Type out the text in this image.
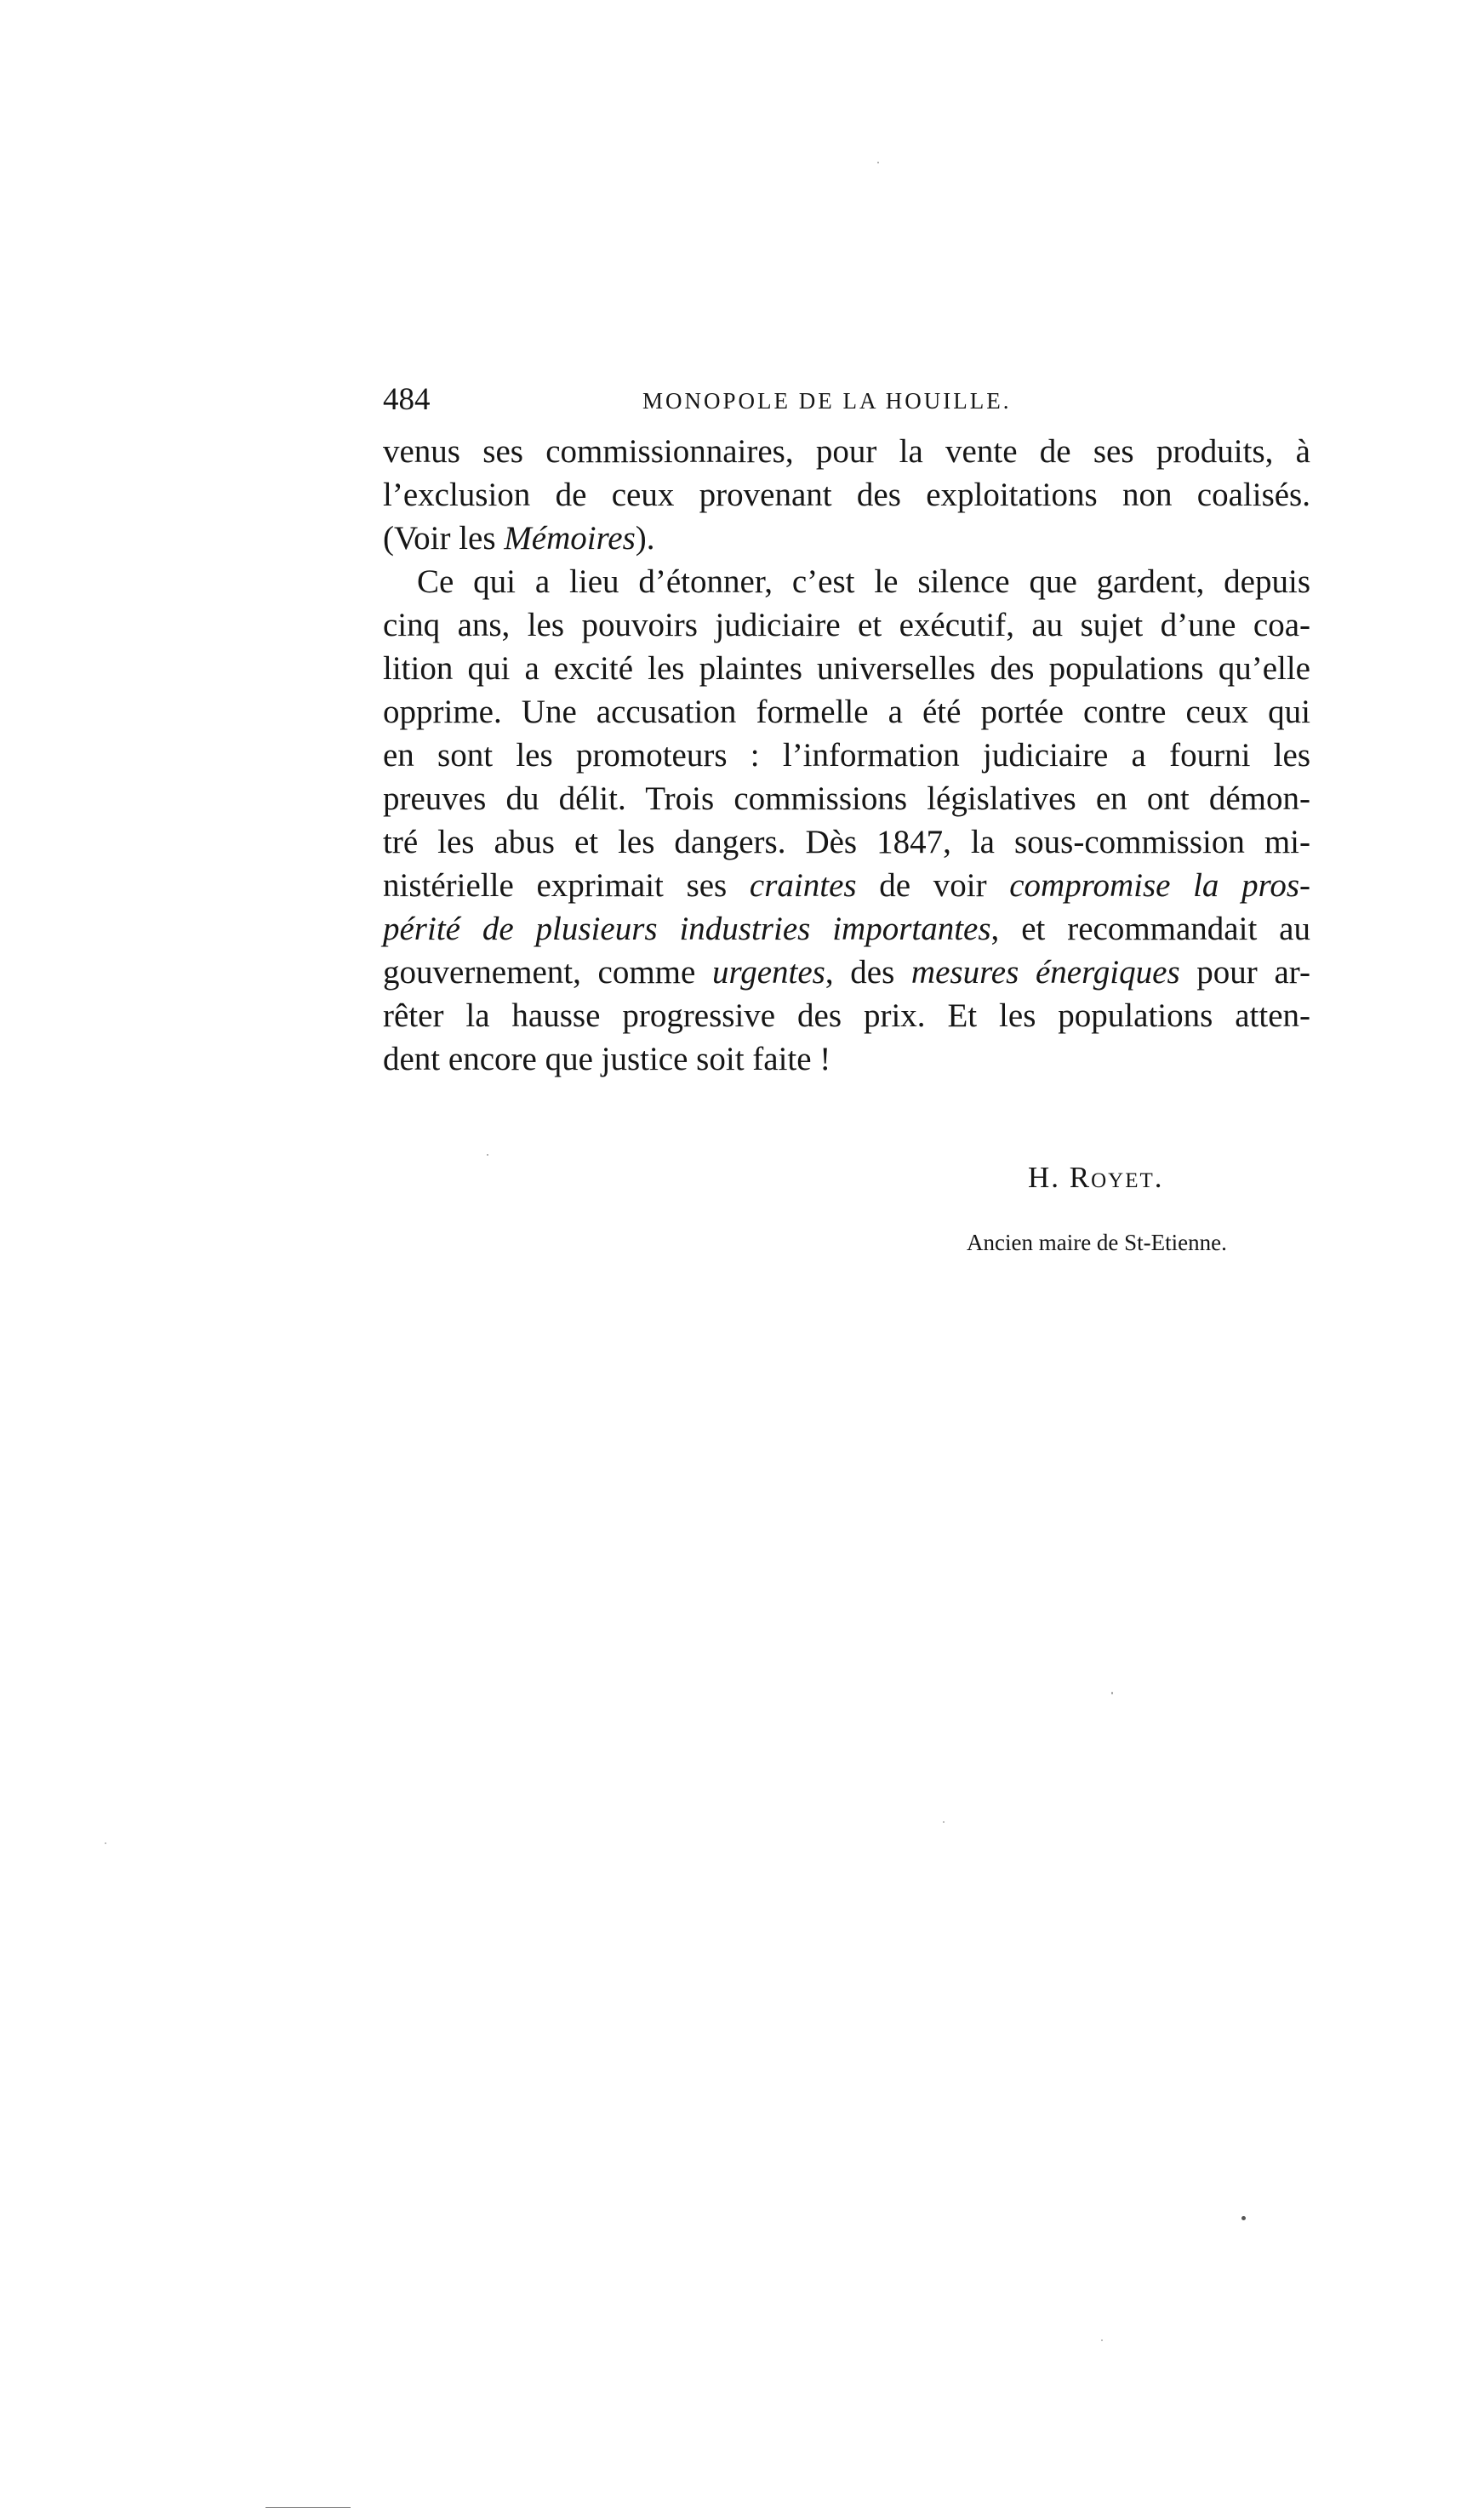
484	MONOPOLE DE LA HOUILLE.

venus ses commissionnaires, pour la vente de ses produits, à
l’exclusion de ceux provenant des exploitations non coalisés.
(Voir les Mémoires).

Ce qui a lieu d’étonner, c’est le silence que gardent, depuis
cinq ans, les pouvoirs judiciaire et exécutif, au sujet d’une coa-
lition qui a excité les plaintes universelles des populations qu’elle
opprime. Une accusation formelle a été portée contre ceux qui
en sont les promoteurs : l’information judiciaire a fourni les
preuves du délit. Trois commissions législatives en ont démon-
tré les abus et les dangers. Dès 1847, la sous-commission mi-
nistérielle exprimait ses craintes de voir compromise la pros-
périté de plusieurs industries importantes, et recommandait au
gouvernement, comme urgentes, des mesures énergiques pour ar-
rêter la hausse progressive des prix. Et les populations atten-
dent encore que justice soit faite !

H. Royet.
Ancien maire de St-Etienne.
